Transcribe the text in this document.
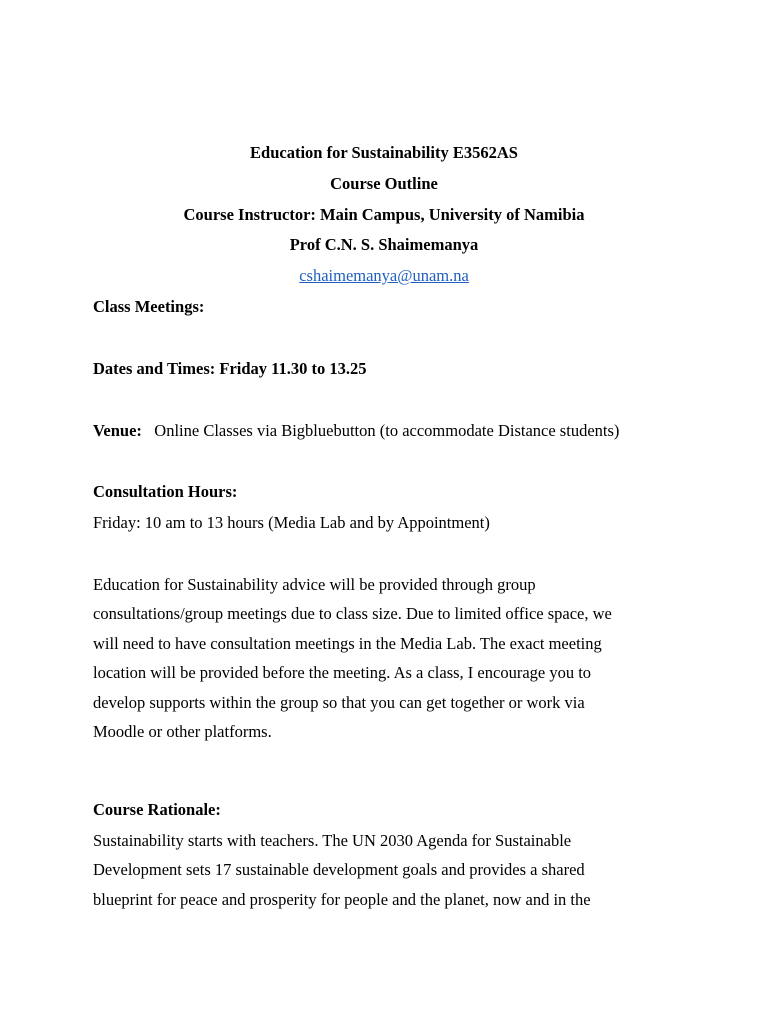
Education for Sustainability E3562AS
Course Outline
Course Instructor: Main Campus, University of Namibia
Prof C.N. S. Shaimemanya
cshaimemanya@unam.na
Class Meetings:
Dates and Times: Friday 11.30 to 13.25
Venue: Online Classes via Bigbluebutton (to accommodate Distance students)
Consultation Hours:
Friday: 10 am to 13 hours (Media Lab and by Appointment)
Education for Sustainability advice will be provided through group
consultations/group meetings due to class size. Due to limited office space, we
will need to have consultation meetings in the Media Lab. The exact meeting
location will be provided before the meeting. As a class, I encourage you to
develop supports within the group so that you can get together or work via
Moodle or other platforms.
Course Rationale:
Sustainability starts with teachers. The UN 2030 Agenda for Sustainable
Development sets 17 sustainable development goals and provides a shared
blueprint for peace and prosperity for people and the planet, now and in the
